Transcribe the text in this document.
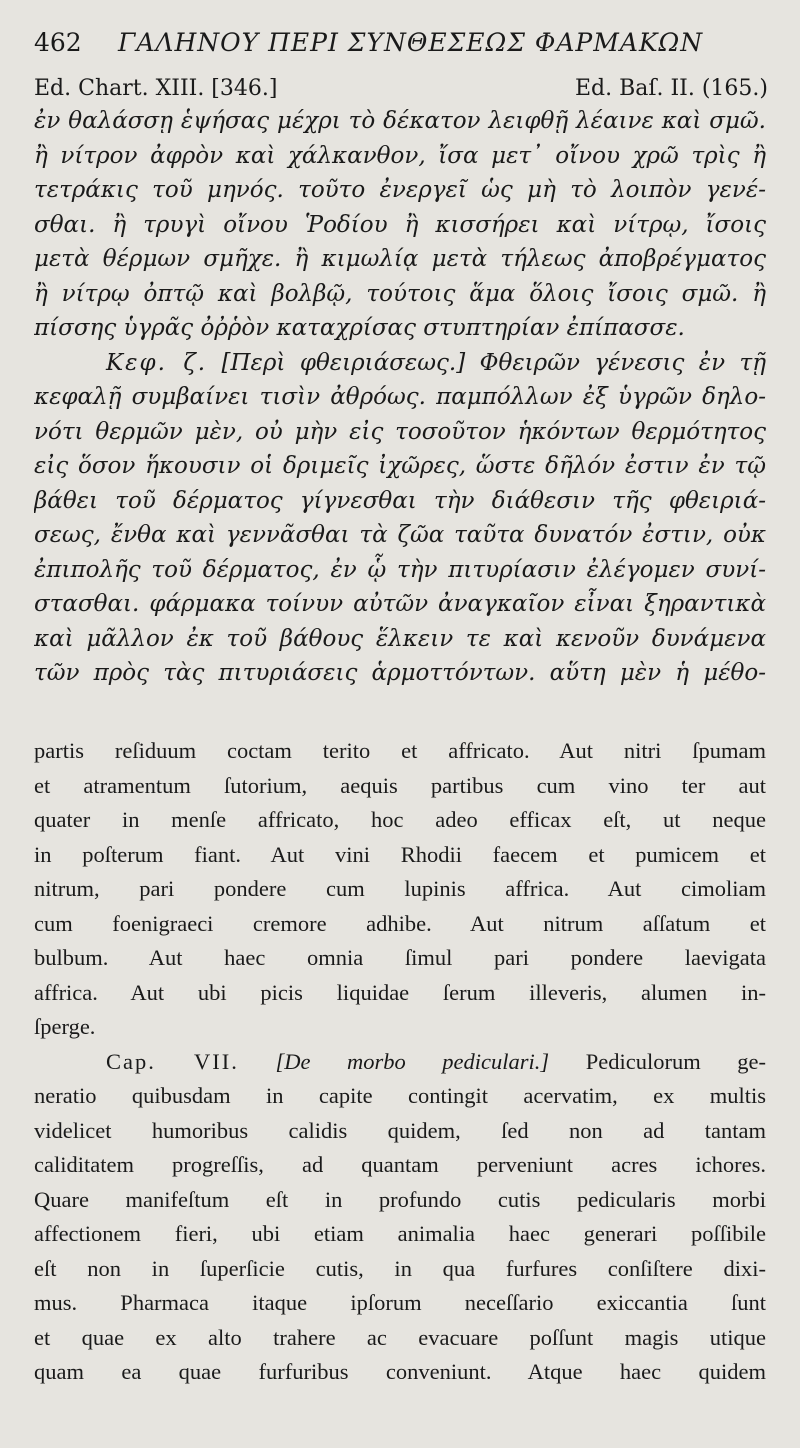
462 ΓΑΛΗΝΟΥ ΠΕΡΙ ΣΥΝΘΕΣΕΩΣ ΦΑΡΜΑΚΩΝ
Ed. Chart. XIII. [346.]	Ed. Baſ. II. (165.)
ἐν θαλάσσῃ ἑψήσας μέχρι τὸ δέκατον λειφθῇ λέαινε καὶ σμῶ.
ἢ νίτρον ἀφρὸν καὶ χάλκανθον, ἴσα μετ᾽ οἴνου χρῶ τρὶς ἢ
τετράκις τοῦ μηνός. τοῦτο ἐνεργεῖ ὡς μὴ τὸ λοιπὸν γενέ-
σθαι. ἢ τρυγὶ οἴνου Ῥοδίου ἢ κισσήρει καὶ νίτρῳ, ἴσοις
μετὰ θέρμων σμῆχε. ἢ κιμωλίᾳ μετὰ τήλεως ἀποβρέγματος
ἢ νίτρῳ ὀπτῷ καὶ βολβῷ, τούτοις ἅμα ὅλοις ἴσοις σμῶ. ἢ
πίσσης ὑγρᾶς ὀῤῥὸν καταχρίσας στυπτηρίαν ἐπίπασσε.
Κεφ. ζ. [Περὶ φθειριάσεως.] Φθειρῶν γένεσις ἐν τῇ
κεφαλῇ συμβαίνει τισὶν ἀθρόως. παμπόλλων ἐξ ὑγρῶν δηλο-
νότι θερμῶν μὲν, οὐ μὴν εἰς τοσοῦτον ἡκόντων θερμότητος
εἰς ὅσον ἥκουσιν οἱ δριμεῖς ἰχῶρες, ὥστε δῆλόν ἐστιν ἐν τῷ
βάθει τοῦ δέρματος γίγνεσθαι τὴν διάθεσιν τῆς φθειριά-
σεως, ἔνθα καὶ γεννᾶσθαι τὰ ζῶα ταῦτα δυνατόν ἐστιν, οὐκ
ἐπιπολῆς τοῦ δέρματος, ἐν ᾧ τὴν πιτυρίασιν ἐλέγομεν συνί-
στασθαι. φάρμακα τοίνυν αὐτῶν ἀναγκαῖον εἶναι ξηραντικὰ
καὶ μᾶλλον ἐκ τοῦ βάθους ἕλκειν τε καὶ κενοῦν δυνάμενα
τῶν πρὸς τὰς πιτυριάσεις ἁρμοττόντων. αὕτη μὲν ἡ μέθο-
partis reſiduum coctam terito et affricato. Aut nitri ſpumam
et atramentum ſutorium, aequis partibus cum vino ter aut
quater in menſe affricato, hoc adeo efficax eſt, ut neque
in poſterum fiant. Aut vini Rhodii faecem et pumicem et
nitrum, pari pondere cum lupinis affrica. Aut cimoliam
cum foenigraeci cremore adhibe. Aut nitrum aſſatum et
bulbum. Aut haec omnia ſimul pari pondere laevigata
affrica. Aut ubi picis liquidae ſerum illeveris, alumen in-
ſperge.
Cap. VII. [De morbo pediculari.] Pediculorum ge-
neratio quibusdam in capite contingit acervatim, ex multis
videlicet humoribus calidis quidem, ſed non ad tantam
caliditatem progreſſis, ad quantam perveniunt acres ichores.
Quare manifeſtum eſt in profundo cutis pedicularis morbi
affectionem fieri, ubi etiam animalia haec generari poſſibile
eſt non in ſuperſicie cutis, in qua furfures conſiſtere dixi-
mus. Pharmaca itaque ipſorum neceſſario exiccantia ſunt
et quae ex alto trahere ac evacuare poſſunt magis utique
quam ea quae furfuribus conveniunt. Atque haec quidem
